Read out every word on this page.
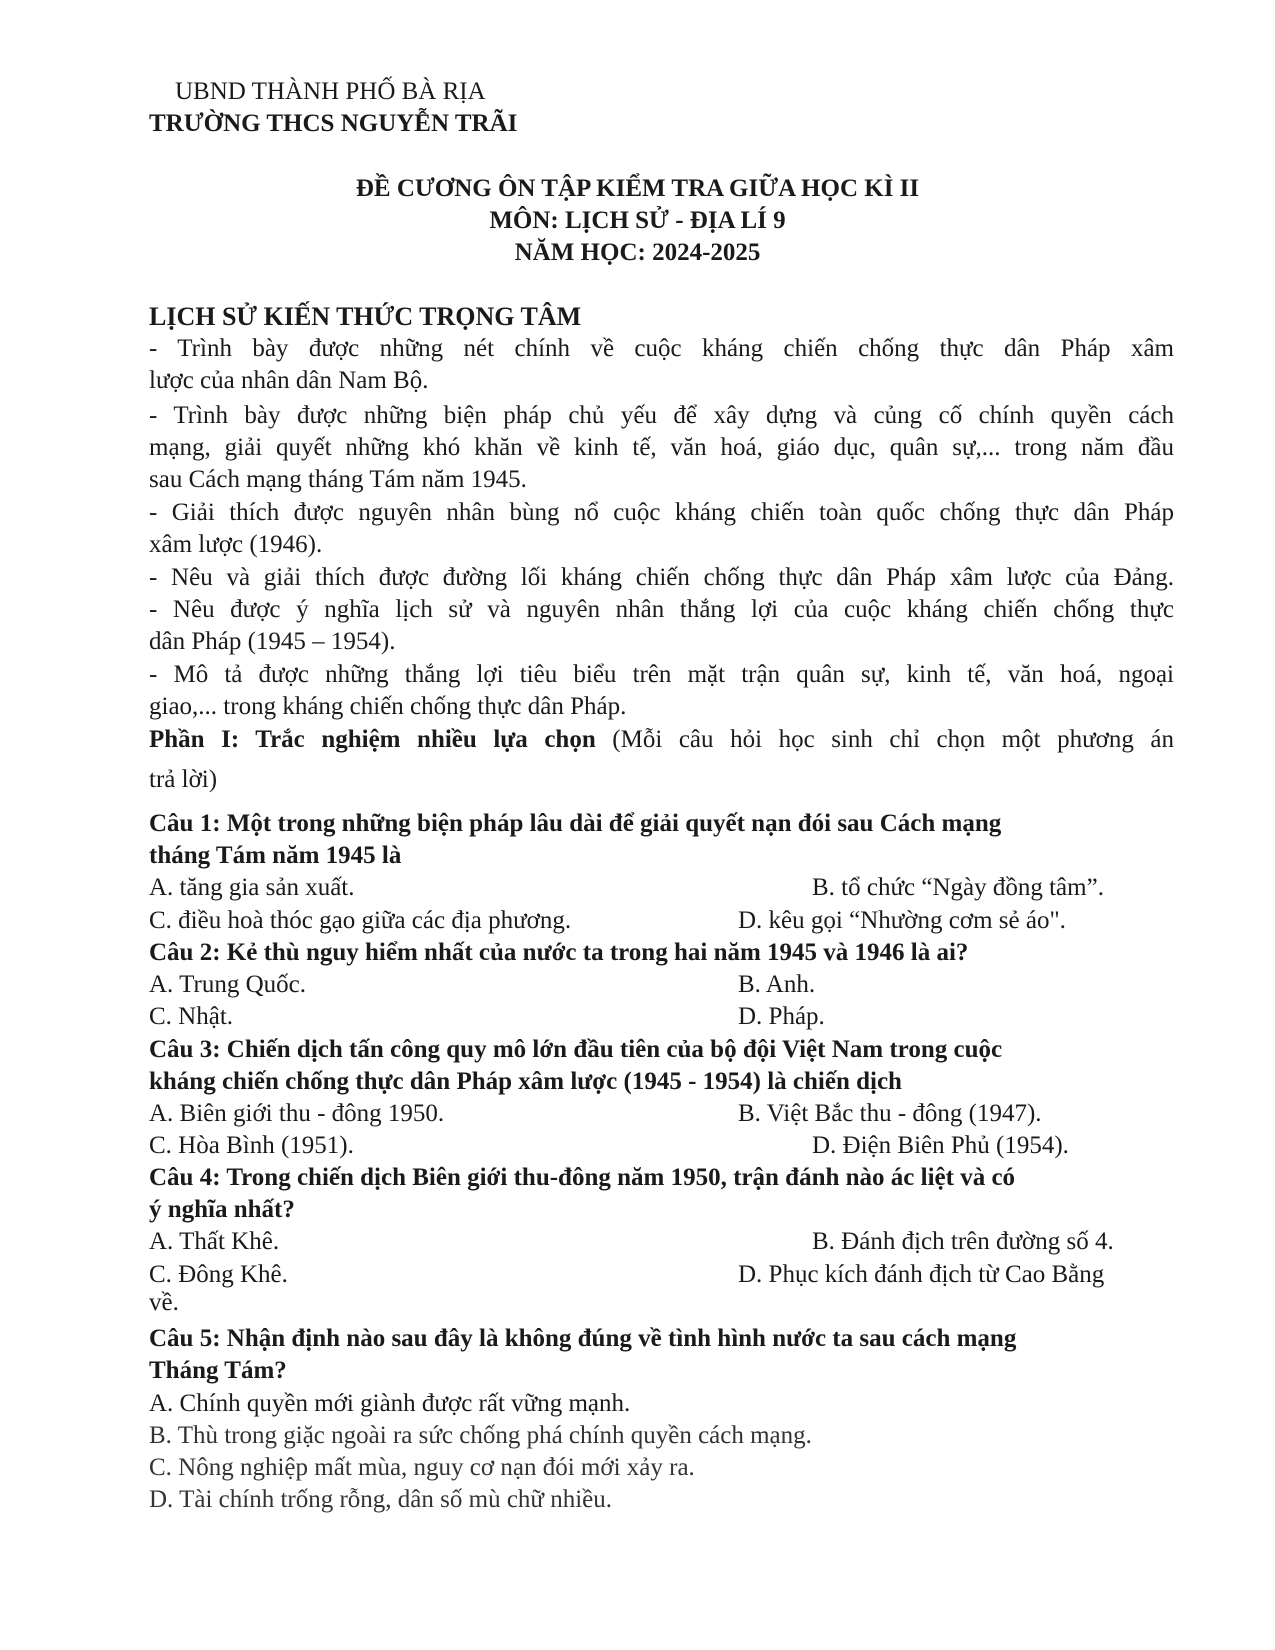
UBND THÀNH PHỐ BÀ RỊA
TRƯỜNG THCS NGUYỄN TRÃI
ĐỀ CƯƠNG ÔN TẬP KIỂM TRA GIỮA HỌC KÌ II
MÔN: LỊCH SỬ - ĐỊA LÍ 9
NĂM HỌC: 2024-2025
LỊCH SỬ KIẾN THỨC TRỌNG TÂM
- Trình bày được những nét chính về cuộc kháng chiến chống thực dân Pháp xâm
lược của nhân dân Nam Bộ.
- Trình bày được những biện pháp chủ yếu để xây dựng và củng cố chính quyền cách
mạng, giải quyết những khó khăn về kinh tế, văn hoá, giáo dục, quân sự,... trong năm đầu
sau Cách mạng tháng Tám năm 1945.
- Giải thích được nguyên nhân bùng nổ cuộc kháng chiến toàn quốc chống thực dân Pháp
xâm lược (1946).
- Nêu và giải thích được đường lối kháng chiến chống thực dân Pháp xâm lược của Đảng.
- Nêu được ý nghĩa lịch sử và nguyên nhân thắng lợi của cuộc kháng chiến chống thực
dân Pháp (1945 – 1954).
- Mô tả được những thắng lợi tiêu biểu trên mặt trận quân sự, kinh tế, văn hoá, ngoại
giao,... trong kháng chiến chống thực dân Pháp.
Phần I: Trắc nghiệm nhiều lựa chọn (Mỗi câu hỏi học sinh chỉ chọn một phương án
trả lời)
Câu 1: Một trong những biện pháp lâu dài để giải quyết nạn đói sau Cách mạng
tháng Tám năm 1945 là
A. tăng gia sản xuất.	B. tổ chức “Ngày đồng tâm”.
C. điều hoà thóc gạo giữa các địa phương.	D. kêu gọi “Nhường cơm sẻ áo".
Câu 2: Kẻ thù nguy hiểm nhất của nước ta trong hai năm 1945 và 1946 là ai?
A. Trung Quốc.	B. Anh.
C. Nhật.	D. Pháp.
Câu 3: Chiến dịch tấn công quy mô lớn đầu tiên của bộ đội Việt Nam trong cuộc
kháng chiến chống thực dân Pháp xâm lược (1945 - 1954) là chiến dịch
A. Biên giới thu - đông 1950.	B. Việt Bắc thu - đông (1947).
C. Hòa Bình (1951).	D. Điện Biên Phủ (1954).
Câu 4: Trong chiến dịch Biên giới thu-đông năm 1950, trận đánh nào ác liệt và có
ý nghĩa nhất?
A. Thất Khê.	B. Đánh địch trên đường số 4.
C. Đông Khê.	D. Phục kích đánh địch từ Cao Bằng
về.
Câu 5: Nhận định nào sau đây là không đúng về tình hình nước ta sau cách mạng
Tháng Tám?
A. Chính quyền mới giành được rất vững mạnh.
B. Thù trong giặc ngoài ra sức chống phá chính quyền cách mạng.
C. Nông nghiệp mất mùa, nguy cơ nạn đói mới xảy ra.
D. Tài chính trống rỗng, dân số mù chữ nhiều.
